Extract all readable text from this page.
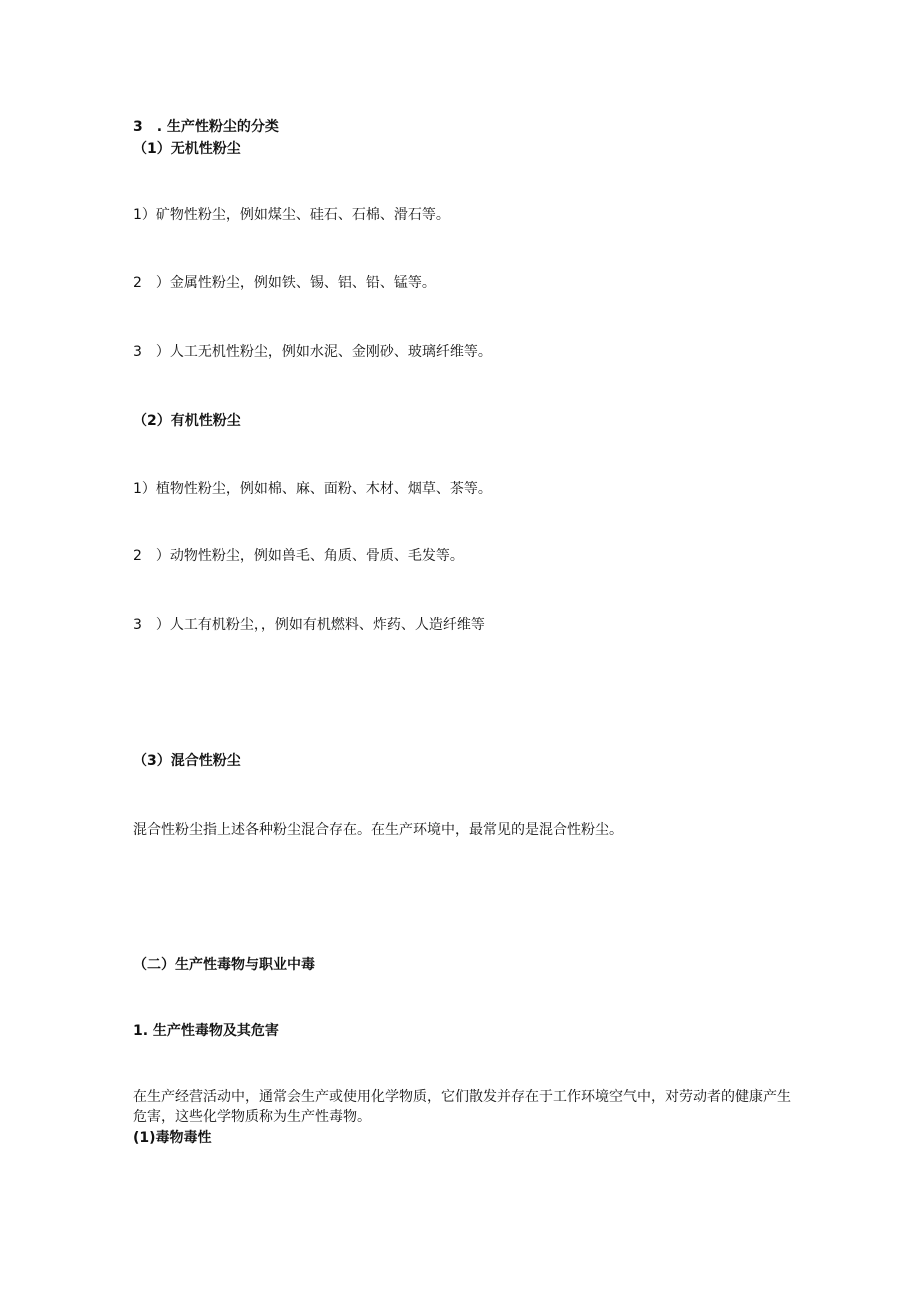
3　. 生产性粉尘的分类

（1）无机性粉尘

1）矿物性粉尘，例如煤尘、硅石、石棉、滑石等。

2　）金属性粉尘，例如铁、锡、铝、铅、锰等。

3　）人工无机性粉尘，例如水泥、金刚砂、玻璃纤维等。

（2）有机性粉尘

1）植物性粉尘，例如棉、麻、面粉、木材、烟草、茶等。

2　）动物性粉尘，例如兽毛、角质、骨质、毛发等。

3　）人工有机粉尘，，例如有机燃料、炸药、人造纤维等

（3）混合性粉尘

混合性粉尘指上述各种粉尘混合存在。在生产环境中，最常见的是混合性粉尘。

（二）生产性毒物与职业中毒

1. 生产性毒物及其危害

在生产经营活动中，通常会生产或使用化学物质，它们散发并存在于工作环境空气中，对劳动者的健康产生危害，这些化学物质称为生产性毒物。

(1)毒物毒性
